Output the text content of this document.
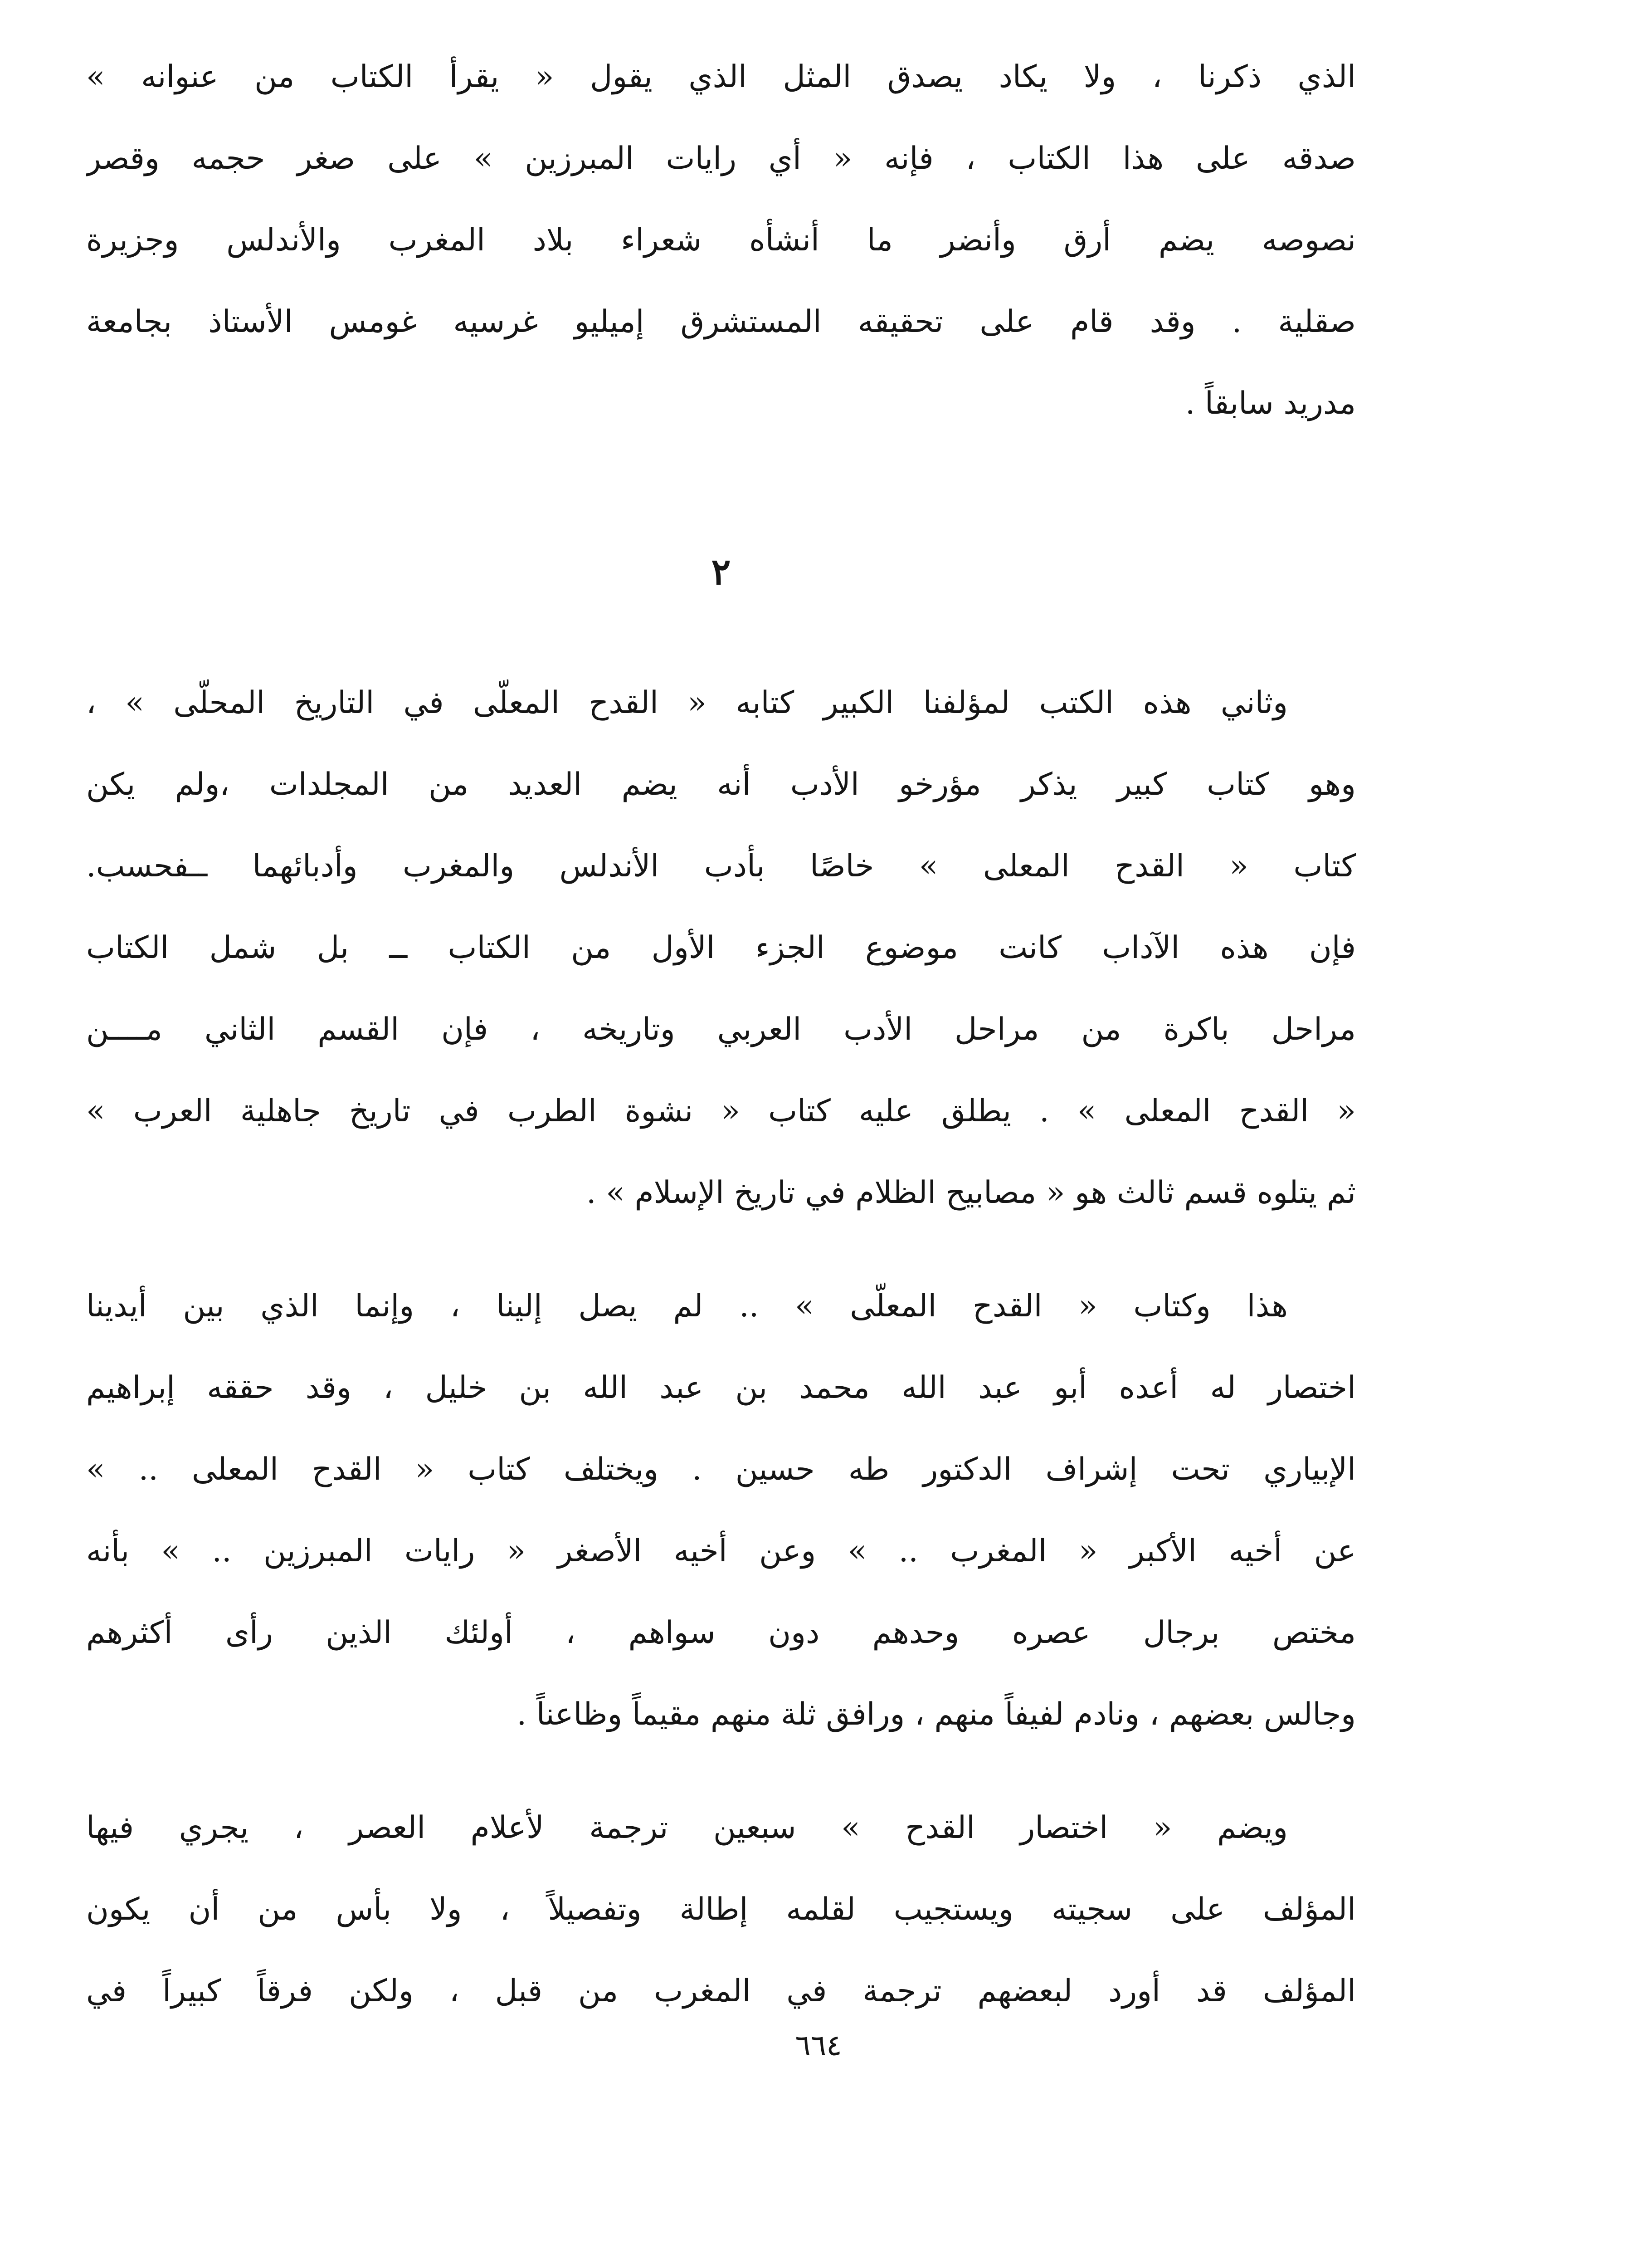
الذي ذكرنا ، ولا يكاد يصدق المثل الذي يقول « يقرأ الكتاب من عنوانه »
صدقه على هذا الكتاب ، فإنه « أي رايات المبرزين » على صغر حجمه وقصر
نصوصه يضم أرق وأنضر ما أنشأه شعراء بلاد المغرب والأندلس وجزيرة
صقلية . وقد قام على تحقيقه المستشرق إميليو غرسيه غومس الأستاذ بجامعة
مدريد سابقاً .
٢
وثاني هذه الكتب لمؤلفنا الكبير كتابه « القدح المعلّى في التاريخ المحلّى » ،
وهو كتاب كبير يذكر مؤرخو الأدب أنه يضم العديد من المجلدات ،ولم يكن
كتاب « القدح المعلى » خاصًا بأدب الأندلس والمغرب وأدبائهما ــفحسب.
فإن هذه الآداب كانت موضوع الجزء الأول من الكتاب ــ بل شمل الكتاب
مراحل باكرة من مراحل الأدب العربي وتاريخه ، فإن القسم الثاني مــــن
« القدح المعلى » . يطلق عليه كتاب « نشوة الطرب في تاريخ جاهلية العرب »
ثم يتلوه قسم ثالث هو « مصابيح الظلام في تاريخ الإسلام » .
هذا وكتاب « القدح المعلّى » .. لم يصل إلينا ، وإنما الذي بين أيدينا
اختصار له أعده أبو عبد الله محمد بن عبد الله بن خليل ، وقد حققه إبراهيم
الإبياري تحت إشراف الدكتور طه حسين . ويختلف كتاب « القدح المعلى .. »
عن أخيه الأكبر « المغرب .. » وعن أخيه الأصغر « رايات المبرزين .. » بأنه
مختص برجال عصره وحدهم دون سواهم ، أولئك الذين رأى أكثرهم
وجالس بعضهم ، ونادم لفيفاً منهم ، ورافق ثلة منهم مقيماً وظاعناً .
ويضم « اختصار القدح » سبعين ترجمة لأعلام العصر ، يجري فيها
المؤلف على سجيته ويستجيب لقلمه إطالة وتفصيلاً ، ولا بأس من أن يكون
المؤلف قد أورد لبعضهم ترجمة في المغرب من قبل ، ولكن فرقاً كبيراً في
٦٦٤
